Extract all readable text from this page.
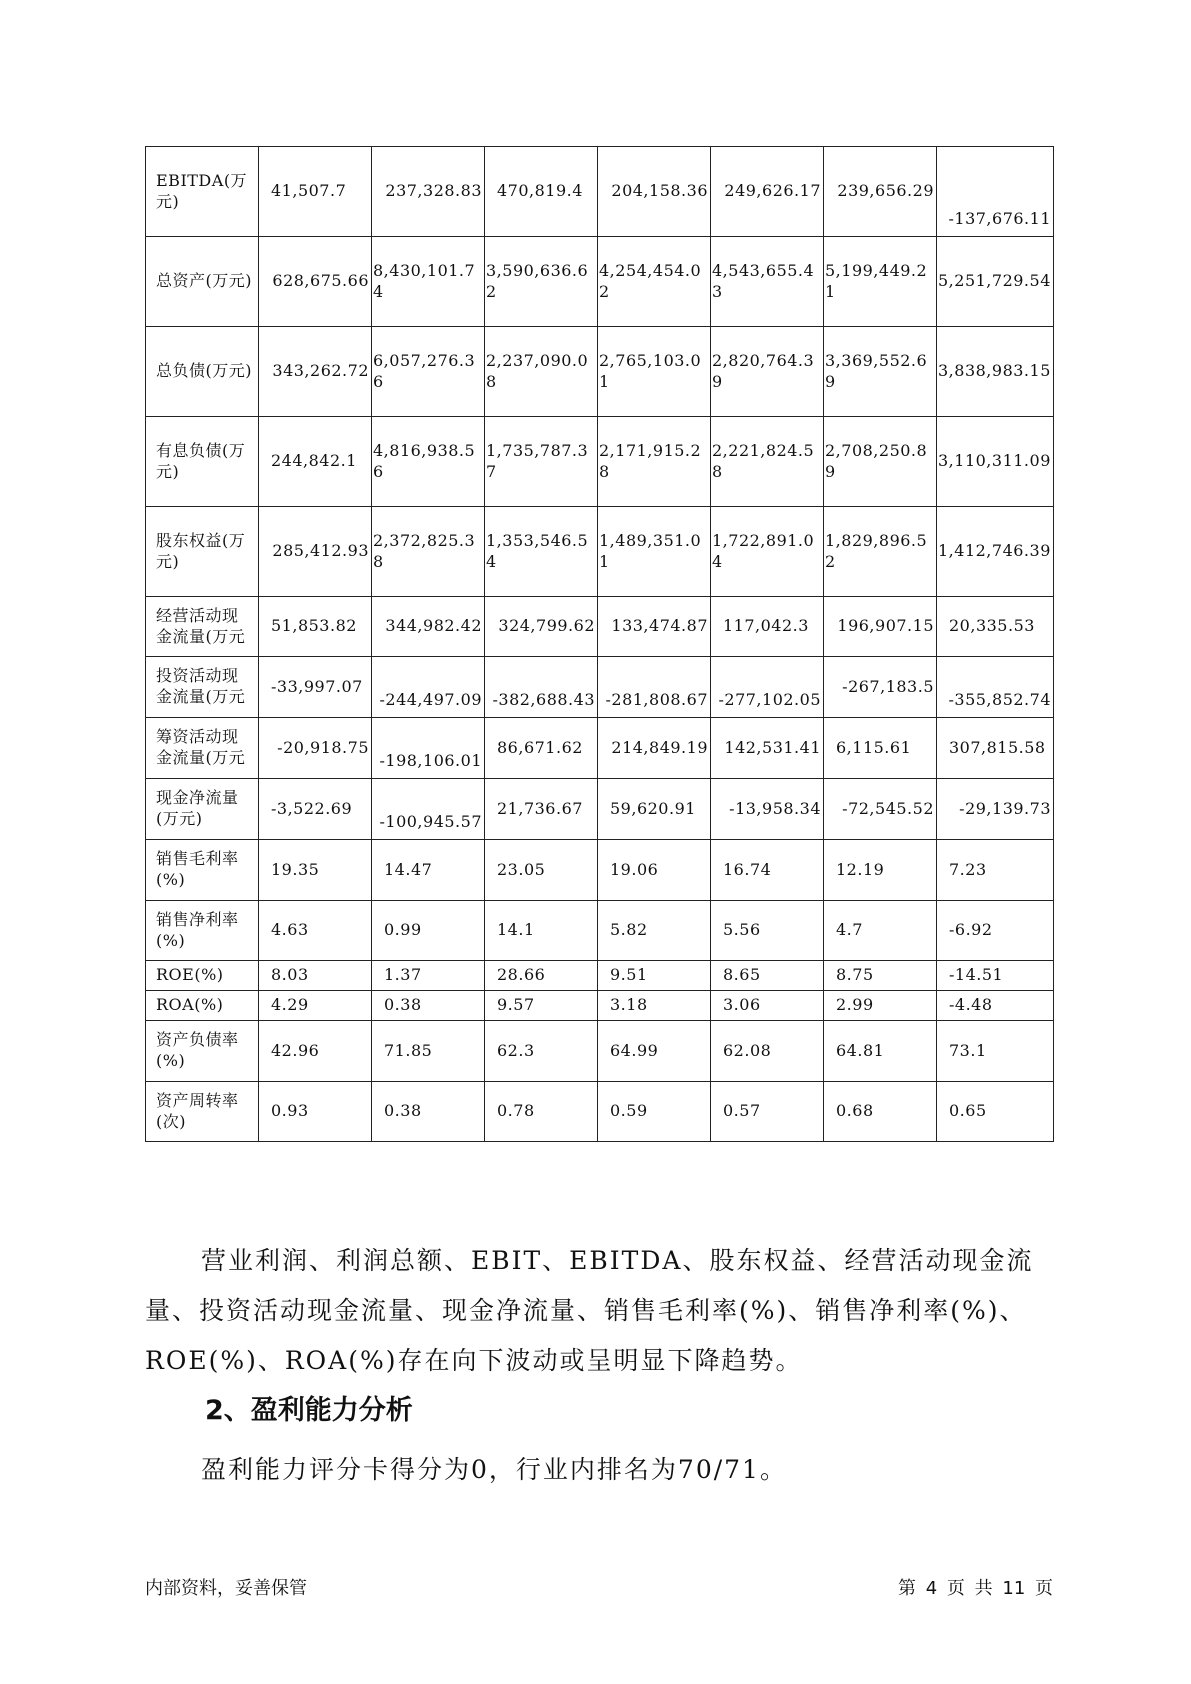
EBITDA(万元)	41,507.7	237,328.83	470,819.4	204,158.36	249,626.17	239,656.29	-137,676.11
总资产(万元)	628,675.66	8,430,101.74	3,590,636.62	4,254,454.02	4,543,655.43	5,199,449.21	5,251,729.54
总负债(万元)	343,262.72	6,057,276.36	2,237,090.08	2,765,103.01	2,820,764.39	3,369,552.69	3,838,983.15
有息负债(万元)	244,842.1	4,816,938.56	1,735,787.37	2,171,915.28	2,221,824.58	2,708,250.89	3,110,311.09
股东权益(万元)	285,412.93	2,372,825.38	1,353,546.54	1,489,351.01	1,722,891.04	1,829,896.52	1,412,746.39
经营活动现金流量(万元	51,853.82	344,982.42	324,799.62	133,474.87	117,042.3	196,907.15	20,335.53
投资活动现金流量(万元	-33,997.07	-244,497.09	-382,688.43	-281,808.67	-277,102.05	-267,183.5	-355,852.74
筹资活动现金流量(万元	-20,918.75	-198,106.01	86,671.62	214,849.19	142,531.41	6,115.61	307,815.58
现金净流量(万元)	-3,522.69	-100,945.57	21,736.67	59,620.91	-13,958.34	-72,545.52	-29,139.73
销售毛利率(%)	19.35	14.47	23.05	19.06	16.74	12.19	7.23
销售净利率(%)	4.63	0.99	14.1	5.82	5.56	4.7	-6.92
ROE(%)	8.03	1.37	28.66	9.51	8.65	8.75	-14.51
ROA(%)	4.29	0.38	9.57	3.18	3.06	2.99	-4.48
资产负债率(%)	42.96	71.85	62.3	64.99	62.08	64.81	73.1
资产周转率(次)	0.93	0.38	0.78	0.59	0.57	0.68	0.65

营业利润、利润总额、EBIT、EBITDA、股东权益、经营活动现金流量、投资活动现金流量、现金净流量、销售毛利率(%)、销售净利率(%)、ROE(%)、ROA(%)存在向下波动或呈明显下降趋势。

2、盈利能力分析

盈利能力评分卡得分为0，行业内排名为70/71。

内部资料，妥善保管	第 4 页 共 11 页
